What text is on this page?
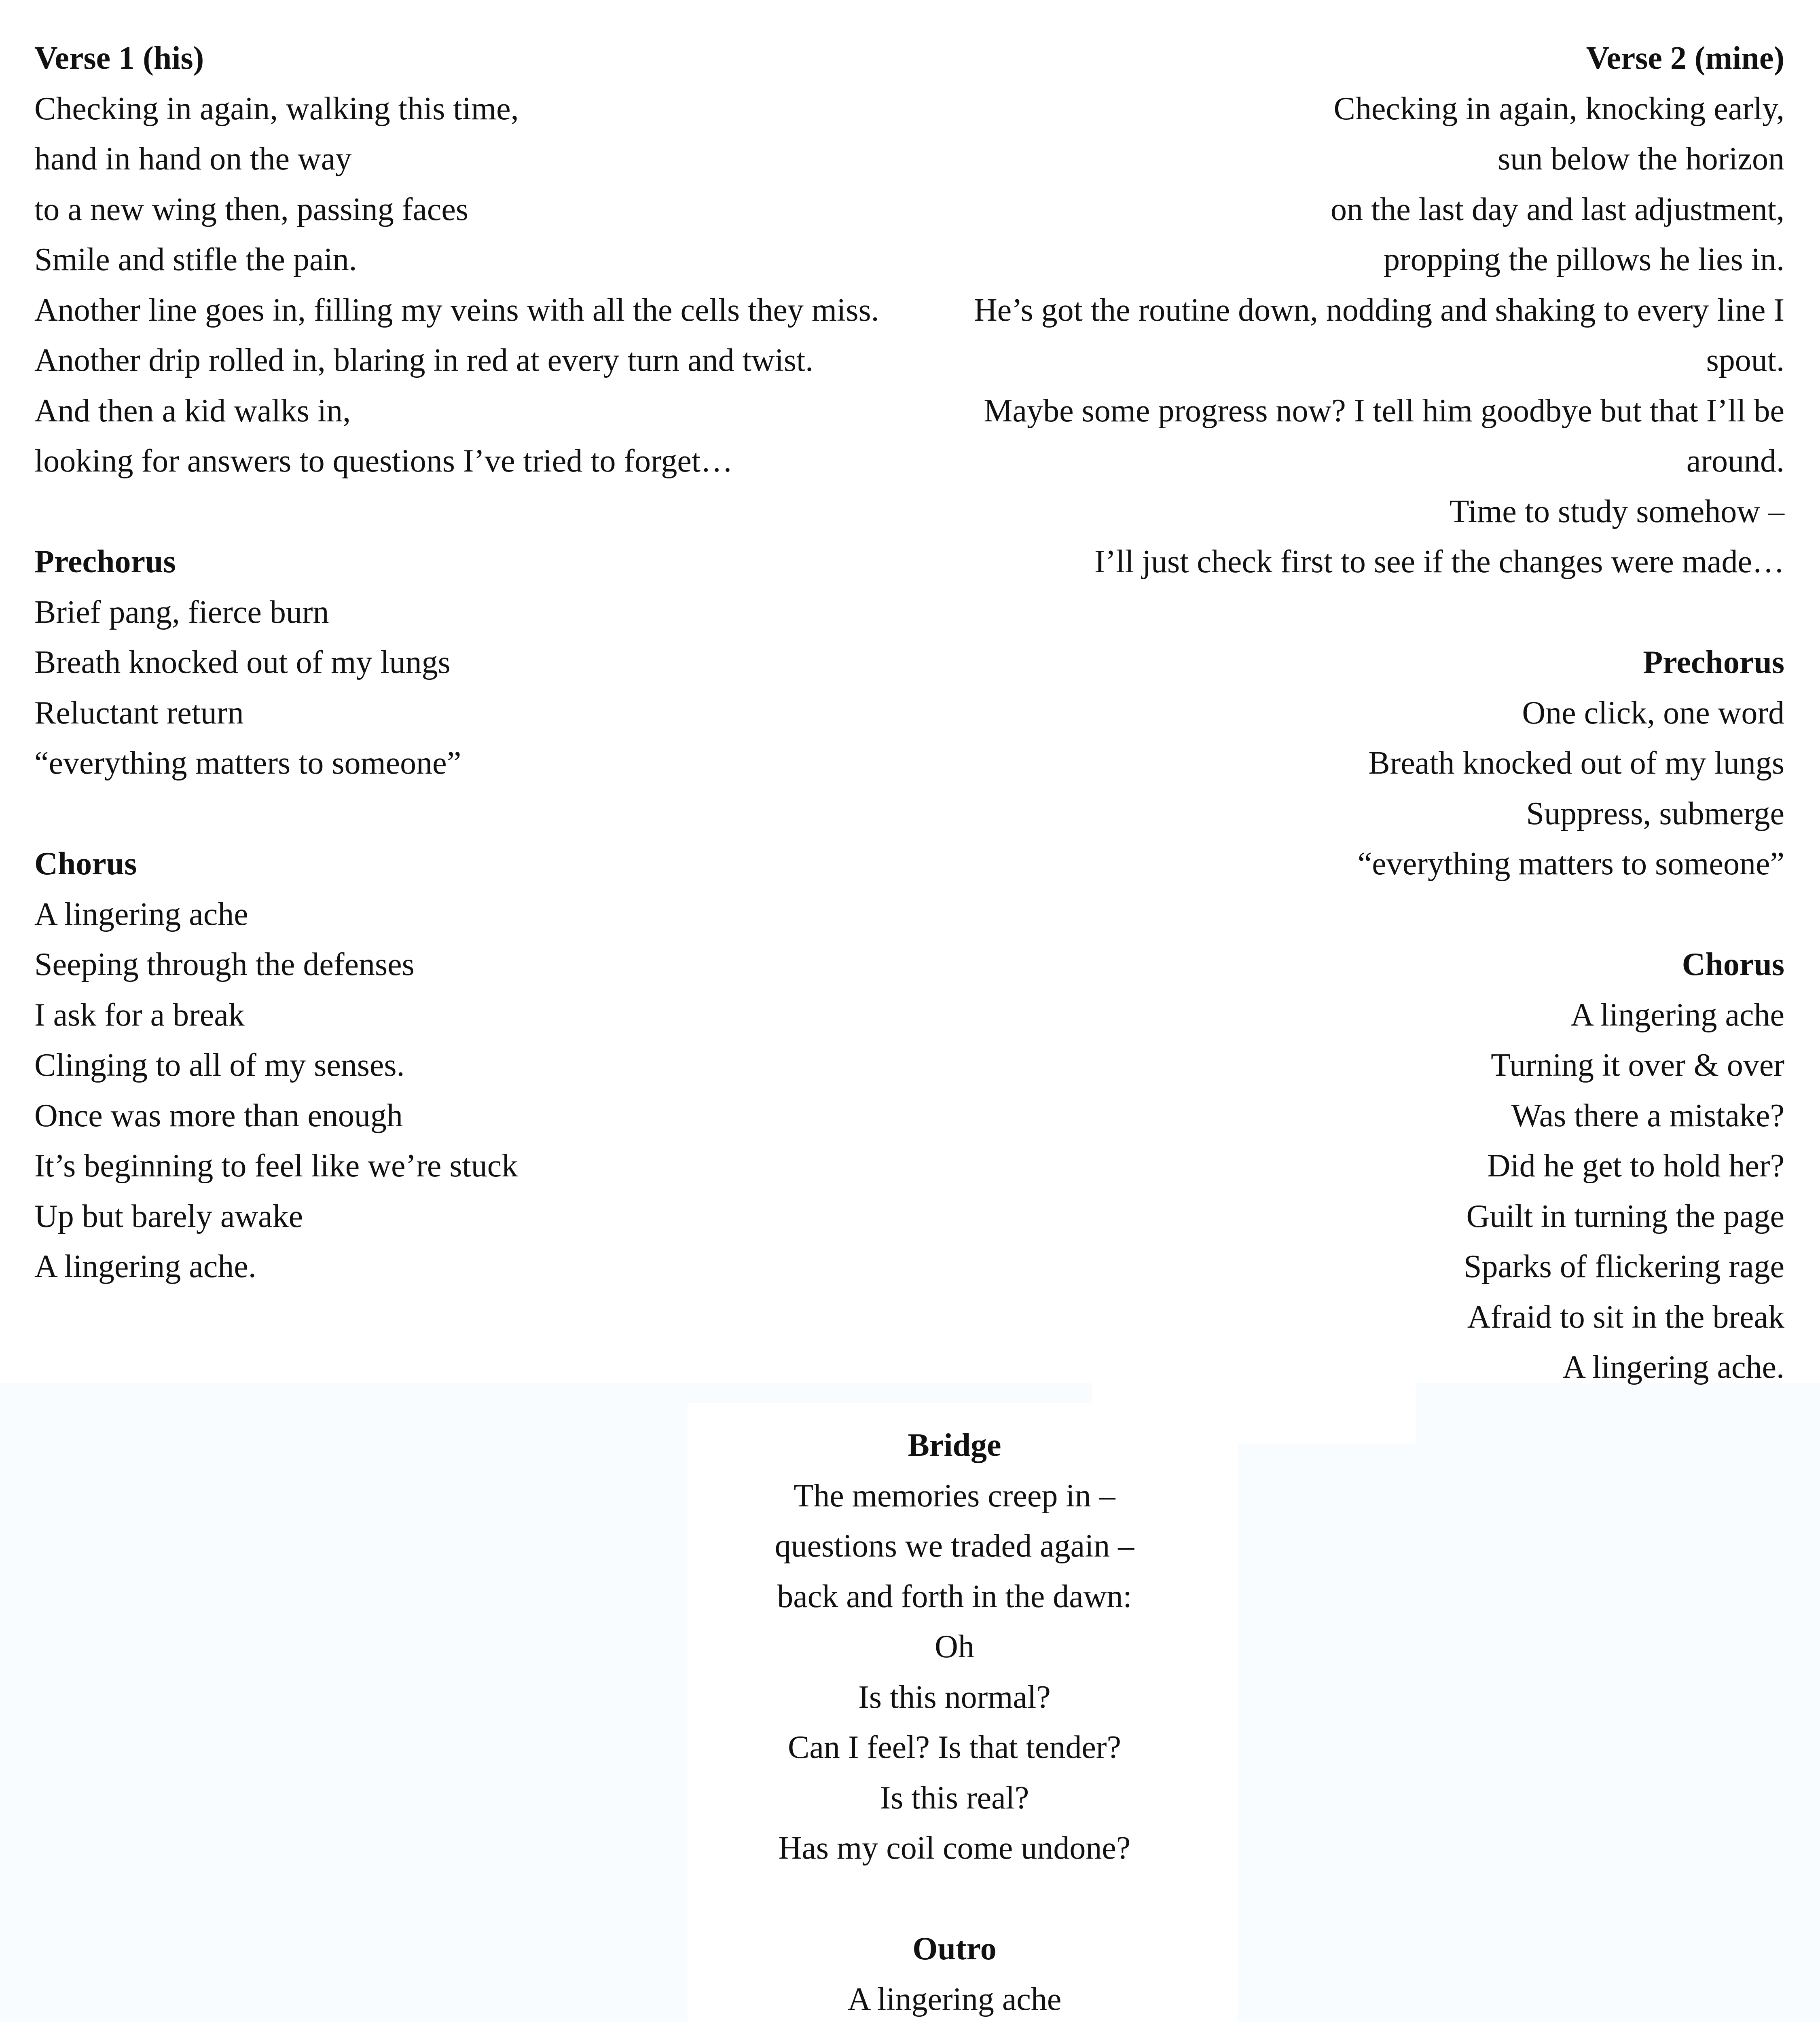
Verse 1 (his)
Checking in again, walking this time,
hand in hand on the way
to a new wing then, passing faces
Smile and stifle the pain.
Another line goes in, filling my veins with all the cells they miss.
Another drip rolled in, blaring in red at every turn and twist.
And then a kid walks in,
looking for answers to questions I’ve tried to forget…
Prechorus
Brief pang, fierce burn
Breath knocked out of my lungs
Reluctant return
“everything matters to someone”
Chorus
A lingering ache
Seeping through the defenses
I ask for a break
Clinging to all of my senses.
Once was more than enough
It’s beginning to feel like we’re stuck
Up but barely awake
A lingering ache.
Verse 2 (mine)
Checking in again, knocking early,
sun below the horizon
on the last day and last adjustment,
propping the pillows he lies in.
He’s got the routine down, nodding and shaking to every line I spout.
Maybe some progress now? I tell him goodbye but that I’ll be around.
Time to study somehow –
I’ll just check first to see if the changes were made…
Prechorus
One click, one word
Breath knocked out of my lungs
Suppress, submerge
“everything matters to someone”
Chorus
A lingering ache
Turning it over & over
Was there a mistake?
Did he get to hold her?
Guilt in turning the page
Sparks of flickering rage
Afraid to sit in the break
A lingering ache.
Bridge
The memories creep in –
questions we traded again –
back and forth in the dawn:
Oh
Is this normal?
Can I feel? Is that tender?
Is this real?
Has my coil come undone?
Outro
A lingering ache
